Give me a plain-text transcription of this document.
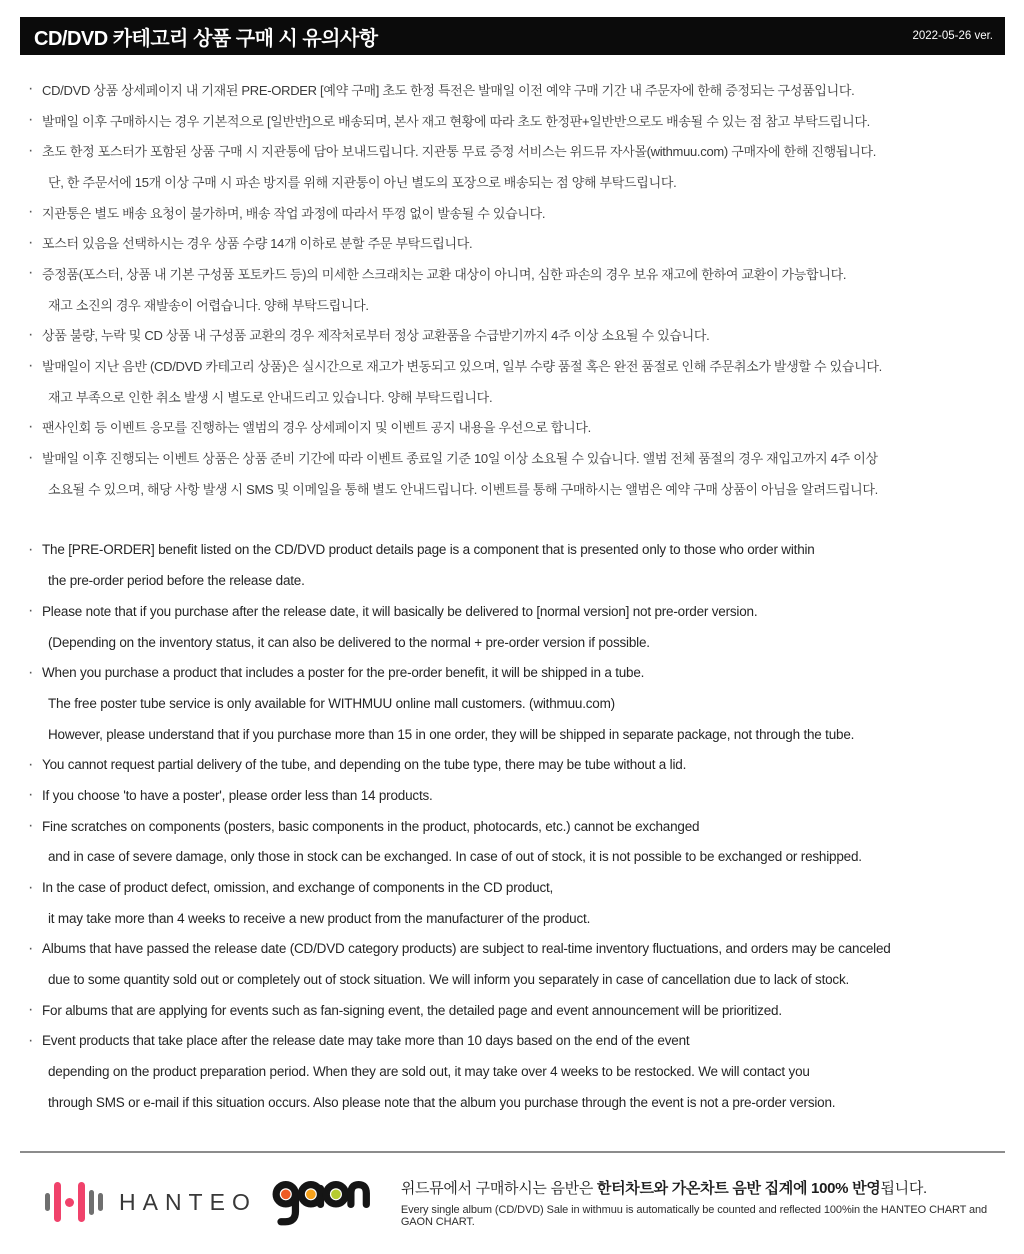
CD/DVD 카테고리 상품 구매 시 유의사항	2022-05-26 ver.
· CD/DVD 상품 상세페이지 내 기재된 PRE-ORDER [예약 구매] 초도 한정 특전은 발매일 이전 예약 구매 기간 내 주문자에 한해 증정되는 구성품입니다.
· 발매일 이후 구매하시는 경우 기본적으로 [일반반]으로 배송되며, 본사 재고 현황에 따라 초도 한정판+일반반으로도 배송될 수 있는 점 참고 부탁드립니다.
· 초도 한정 포스터가 포함된 상품 구매 시 지관통에 담아 보내드립니다. 지관통 무료 증정 서비스는 위드뮤 자사몰(withmuu.com) 구매자에 한해 진행됩니다.
단, 한 주문서에 15개 이상 구매 시 파손 방지를 위해 지관통이 아닌 별도의 포장으로 배송되는 점 양해 부탁드립니다.
· 지관통은 별도 배송 요청이 불가하며, 배송 작업 과정에 따라서 뚜껑 없이 발송될 수 있습니다.
· 포스터 있음을 선택하시는 경우 상품 수량 14개 이하로 분할 주문 부탁드립니다.
· 증정품(포스터, 상품 내 기본 구성품 포토카드 등)의 미세한 스크래치는 교환 대상이 아니며, 심한 파손의 경우 보유 재고에 한하여 교환이 가능합니다.
재고 소진의 경우 재발송이 어렵습니다. 양해 부탁드립니다.
· 상품 불량, 누락 및 CD 상품 내 구성품 교환의 경우 제작처로부터 정상 교환품을 수급받기까지 4주 이상 소요될 수 있습니다.
· 발매일이 지난 음반 (CD/DVD 카테고리 상품)은 실시간으로 재고가 변동되고 있으며, 일부 수량 품절 혹은 완전 품절로 인해 주문취소가 발생할 수 있습니다.
재고 부족으로 인한 취소 발생 시 별도로 안내드리고 있습니다. 양해 부탁드립니다.
· 팬사인회 등 이벤트 응모를 진행하는 앨범의 경우 상세페이지 및 이벤트 공지 내용을 우선으로 합니다.
· 발매일 이후 진행되는 이벤트 상품은 상품 준비 기간에 따라 이벤트 종료일 기준 10일 이상 소요될 수 있습니다. 앨범 전체 품절의 경우 재입고까지 4주 이상
소요될 수 있으며, 해당 사항 발생 시 SMS 및 이메일을 통해 별도 안내드립니다. 이벤트를 통해 구매하시는 앨범은 예약 구매 상품이 아님을 알려드립니다.
· The [PRE-ORDER] benefit listed on the CD/DVD product details page is a component that is presented only to those who order within
the pre-order period before the release date.
· Please note that if you purchase after the release date, it will basically be delivered to [normal version] not pre-order version.
(Depending on the inventory status, it can also be delivered to the normal + pre-order version if possible.
· When you purchase a product that includes a poster for the pre-order benefit, it will be shipped in a tube.
The free poster tube service is only available for WITHMUU online mall customers. (withmuu.com)
However, please understand that if you purchase more than 15 in one order, they will be shipped in separate package, not through the tube.
· You cannot request partial delivery of the tube, and depending on the tube type, there may be tube without a lid.
· If you choose 'to have a poster', please order less than 14 products.
· Fine scratches on components (posters, basic components in the product, photocards, etc.) cannot be exchanged
and in case of severe damage, only those in stock can be exchanged. In case of out of stock, it is not possible to be exchanged or reshipped.
· In the case of product defect, omission, and exchange of components in the CD product,
it may take more than 4 weeks to receive a new product from the manufacturer of the product.
· Albums that have passed the release date (CD/DVD category products) are subject to real-time inventory fluctuations, and orders may be canceled
due to some quantity sold out or completely out of stock situation. We will inform you separately in case of cancellation due to lack of stock.
· For albums that are applying for events such as fan-signing event, the detailed page and event announcement will be prioritized.
· Event products that take place after the release date may take more than 10 days based on the end of the event
depending on the product preparation period. When they are sold out, it may take over 4 weeks to be restocked. We will contact you
through SMS or e-mail if this situation occurs. Also please note that the album you purchase through the event is not a pre-order version.
HANTEO

위드뮤에서 구매하시는 음반은 한터차트와 가온차트 음반 집계에 100% 반영됩니다.

Every single album (CD/DVD) Sale in withmuu is automatically be counted and reflected 100%in the HANTEO CHART and GAON CHART.
